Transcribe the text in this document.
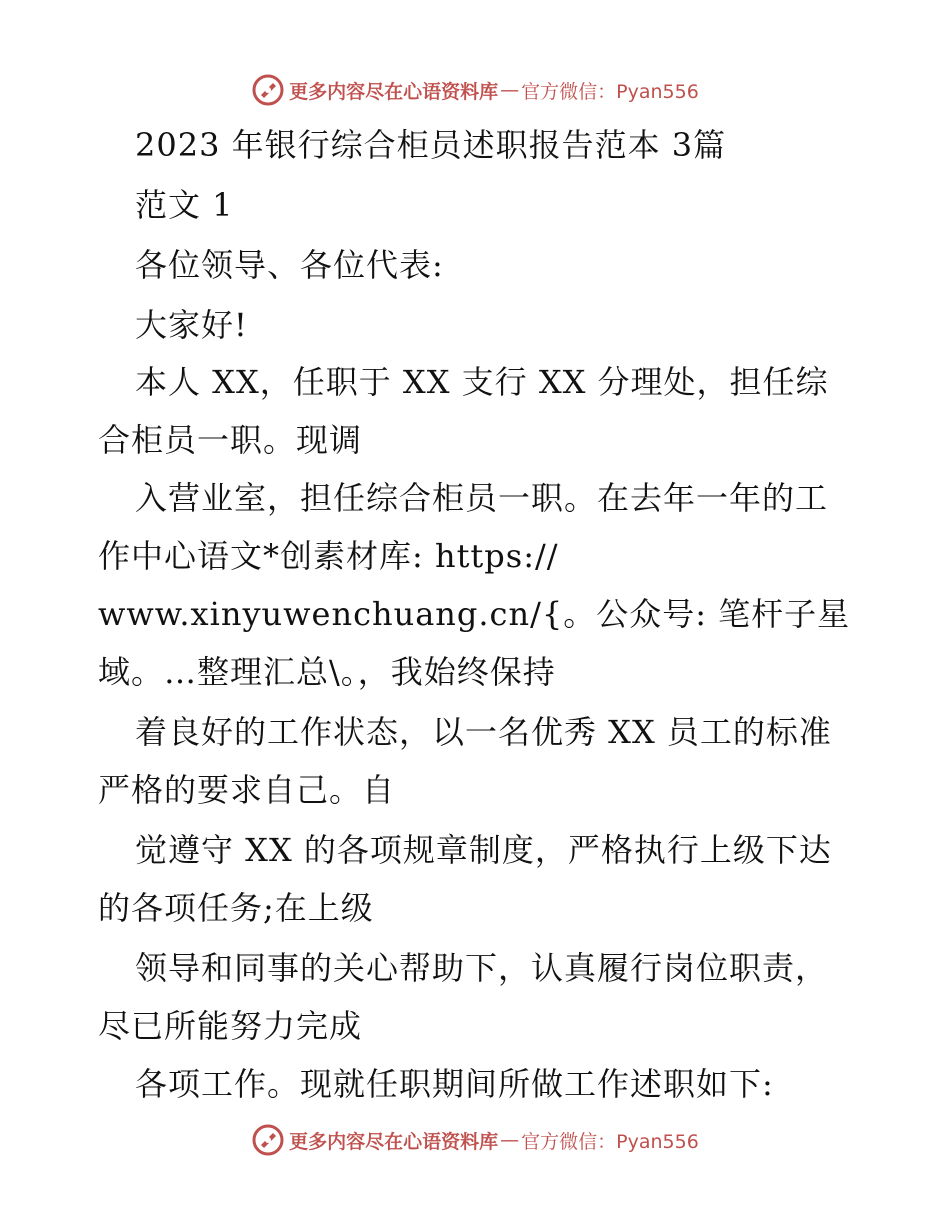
更多内容尽在心语资料库 — 官方微信：Pyan556
2023 年银行综合柜员述职报告范本 3篇
范文 1
各位领导、各位代表:
大家好!
本人 XX，任职于 XX 支行 XX 分理处，担任综
合柜员一职。现调
入营业室，担任综合柜员一职。在去年一年的工
作中心语文*创素材库: https://
www.xinyuwenchuang.cn/{。公众号: 笔杆子星
域。…整理汇总\。，我始终保持
着良好的工作状态，以一名优秀 XX 员工的标准
严格的要求自己。自
觉遵守 XX 的各项规章制度，严格执行上级下达
的各项任务;在上级
领导和同事的关心帮助下，认真履行岗位职责，
尽已所能努力完成
各项工作。现就任职期间所做工作述职如下:
更多内容尽在心语资料库 — 官方微信：Pyan556
